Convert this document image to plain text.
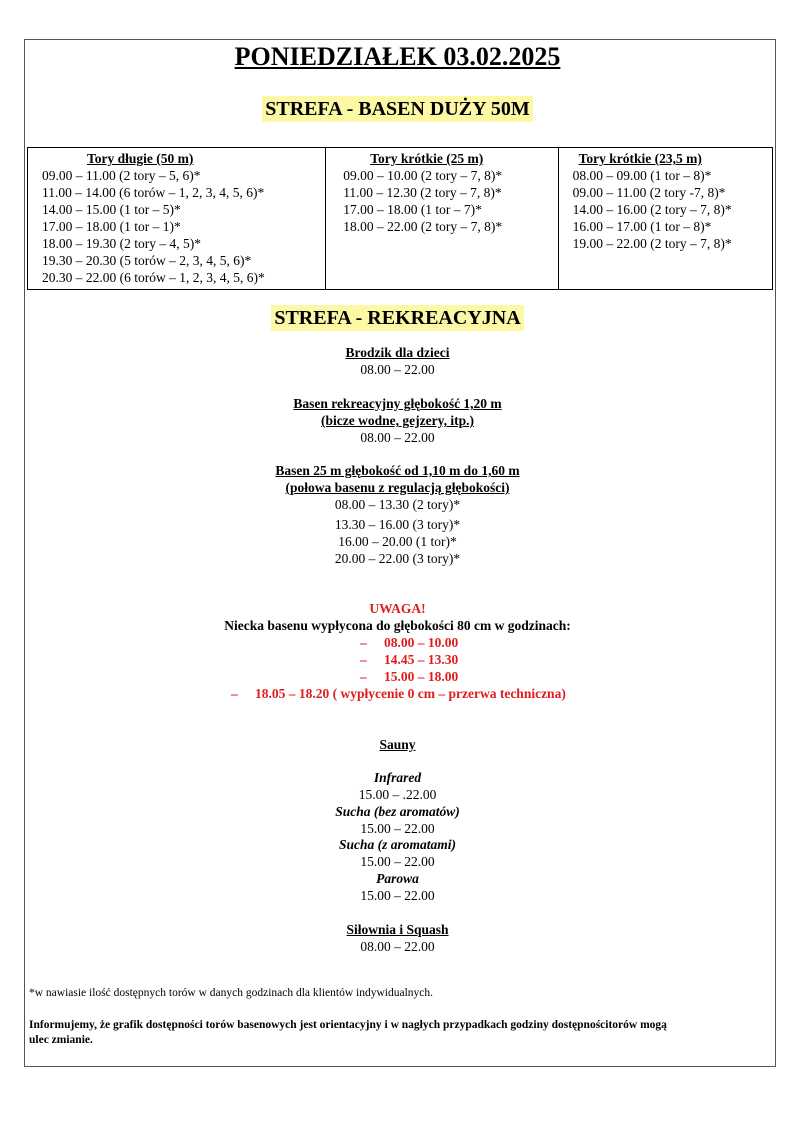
PONIEDZIAŁEK 03.02.2025
STREFA - BASEN DUŻY 50M
Tory długie (50 m)
09.00 – 11.00 (2 tory – 5, 6)*
11.00 – 14.00 (6 torów – 1, 2, 3, 4, 5, 6)*
14.00 – 15.00 (1 tor – 5)*
17.00 – 18.00 (1 tor – 1)*
18.00 – 19.30 (2 tory – 4, 5)*
19.30 – 20.30 (5 torów – 2, 3, 4, 5, 6)*
20.30 – 22.00 (6 torów – 1, 2, 3, 4, 5, 6)*
Tory krótkie (25 m)
09.00 – 10.00 (2 tory – 7, 8)*
11.00 – 12.30 (2 tory – 7, 8)*
17.00 – 18.00 (1 tor – 7)*
18.00 – 22.00 (2 tory – 7, 8)*
Tory krótkie (23,5 m)
08.00 – 09.00 (1 tor – 8)*
09.00 – 11.00 (2 tory -7, 8)*
14.00 – 16.00 (2 tory – 7, 8)*
16.00 – 17.00 (1 tor – 8)*
19.00 – 22.00 (2 tory – 7, 8)*
STREFA - REKREACYJNA
Brodzik dla dzieci
08.00 – 22.00
Basen rekreacyjny głębokość 1,20 m
(bicze wodne, gejzery, itp.)
08.00 – 22.00
Basen 25 m głębokość od 1,10 m do 1,60 m
(połowa basenu z regulacją głębokości)
08.00 – 13.30 (2 tory)*
13.30 – 16.00 (3 tory)*
16.00 – 20.00 (1 tor)*
20.00 – 22.00 (3 tory)*
UWAGA!
Niecka basenu wypłycona do głębokości 80 cm w godzinach:
– 08.00 – 10.00
– 14.45 – 13.30
– 15.00 – 18.00
– 18.05 – 18.20 ( wypłycenie 0 cm – przerwa techniczna)
Sauny
Infrared
15.00 – .22.00
Sucha (bez aromatów)
15.00 – 22.00
Sucha (z aromatami)
15.00 – 22.00
Parowa
15.00 – 22.00
Siłownia i Squash
08.00 – 22.00
*w nawiasie ilość dostępnych torów w danych godzinach dla klientów indywidualnych.
Informujemy, że grafik dostępności torów basenowych jest orientacyjny i w nagłych przypadkach godziny dostępnościtorów mogą
ulec zmianie.
